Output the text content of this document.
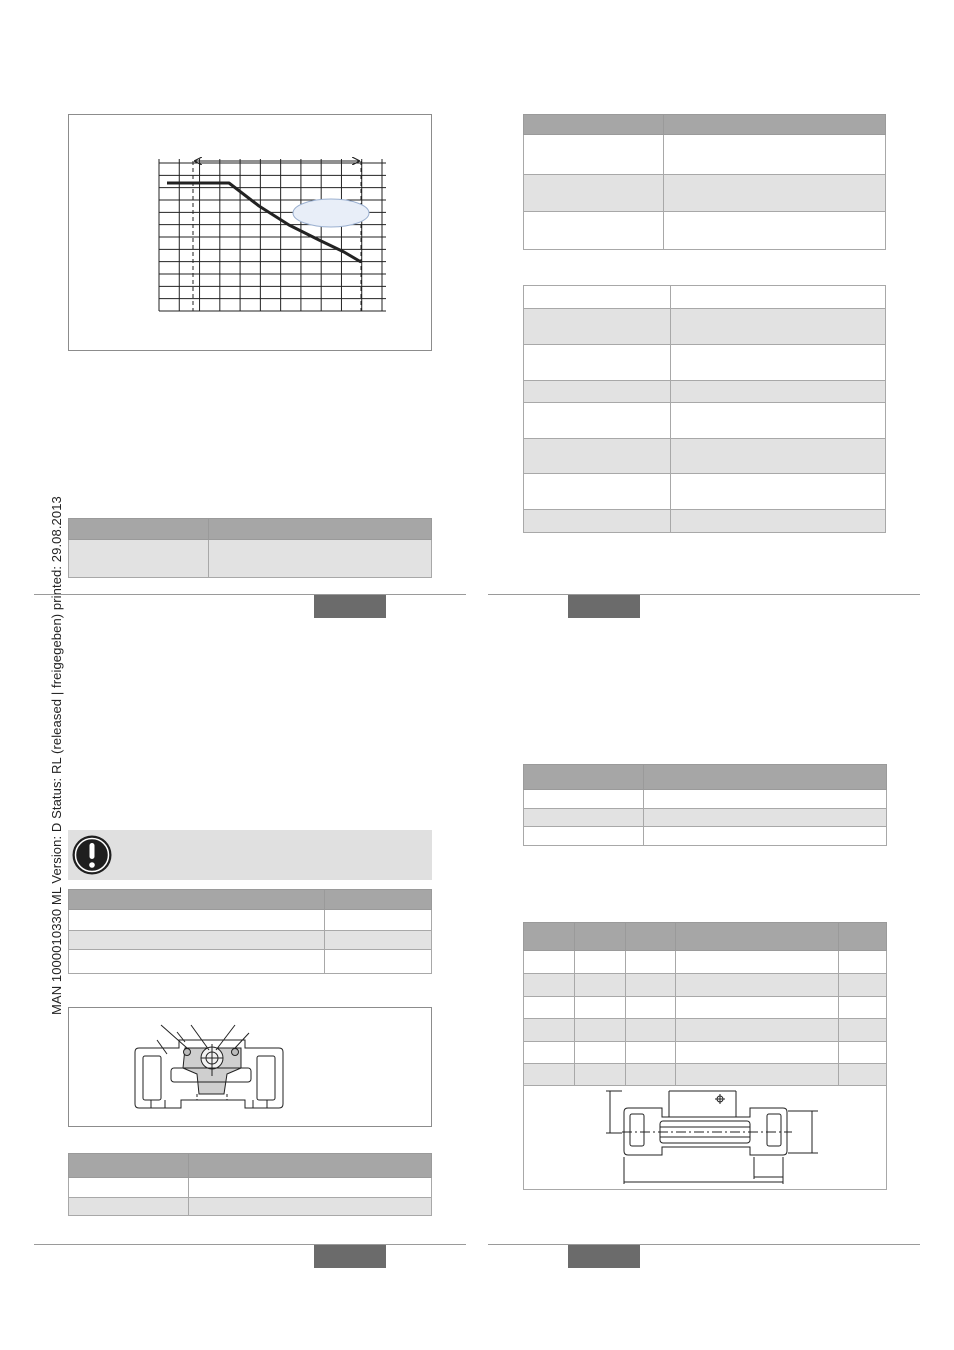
MAN 1000010330 ML Version: D Status: RL (released | freigegeben) printed: 29.08.2013
